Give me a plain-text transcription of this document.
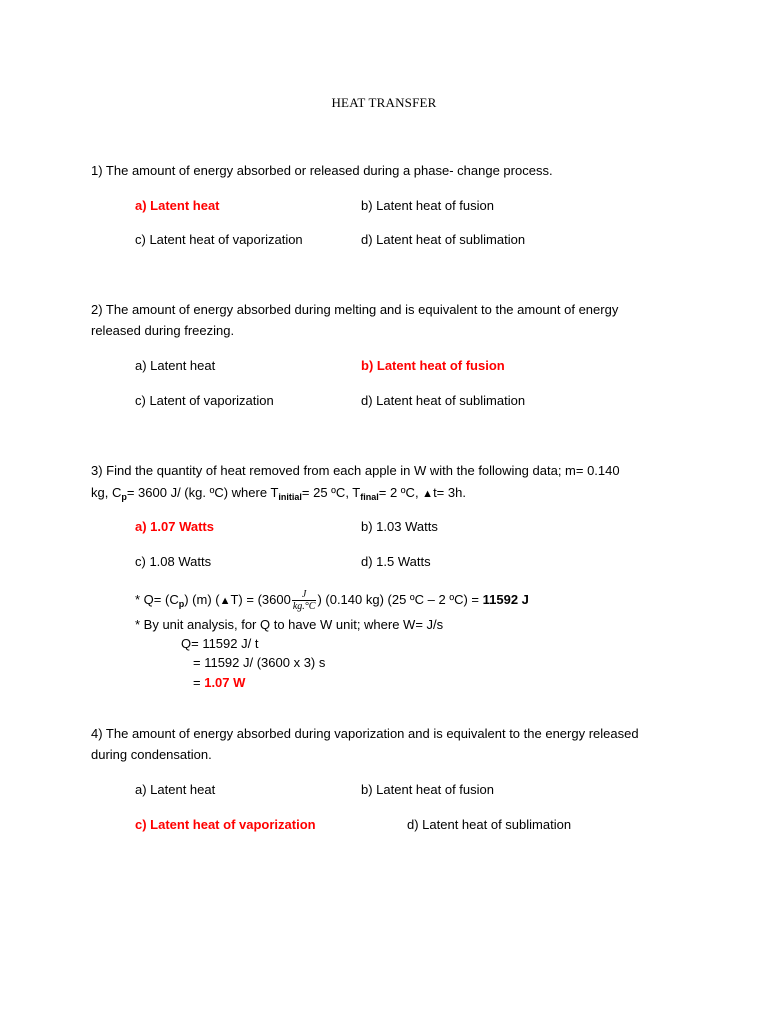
HEAT TRANSFER
1) The amount of energy absorbed or released during a phase- change process.
a) Latent heat	b) Latent heat of fusion
c) Latent heat of vaporization	d) Latent heat of sublimation
2) The amount of energy absorbed during melting and is equivalent to the amount of energy
released during freezing.
a) Latent heat	b) Latent heat of fusion
c) Latent of vaporization	d) Latent heat of sublimation
3) Find the quantity of heat removed from each apple in W with the following data; m= 0.140
kg, $C_p= 3600$ J/ (kg. ºC) where $T_{initial}= 25$ ºC, $T_{final}= 2$ ºC, ▲t= 3h.
a) 1.07 Watts	b) 1.03 Watts
c) 1.08 Watts	d) 1.5 Watts
* $Q= (C_p)$ (m) (▲T) = ($3600 \frac{J}{kg.^\circ C}$ ) (0.140 kg) (25 ºC – 2 ºC) = 11592 J
* By unit analysis, for Q to have W unit; where W= J/s
Q= 11592 J/ t
= 11592 J/ (3600 x 3) s
= 1.07 W
4) The amount of energy absorbed during vaporization and is equivalent to the energy released
during condensation.
a) Latent heat	b) Latent heat of fusion
c) Latent heat of vaporization	d) Latent heat of sublimation
